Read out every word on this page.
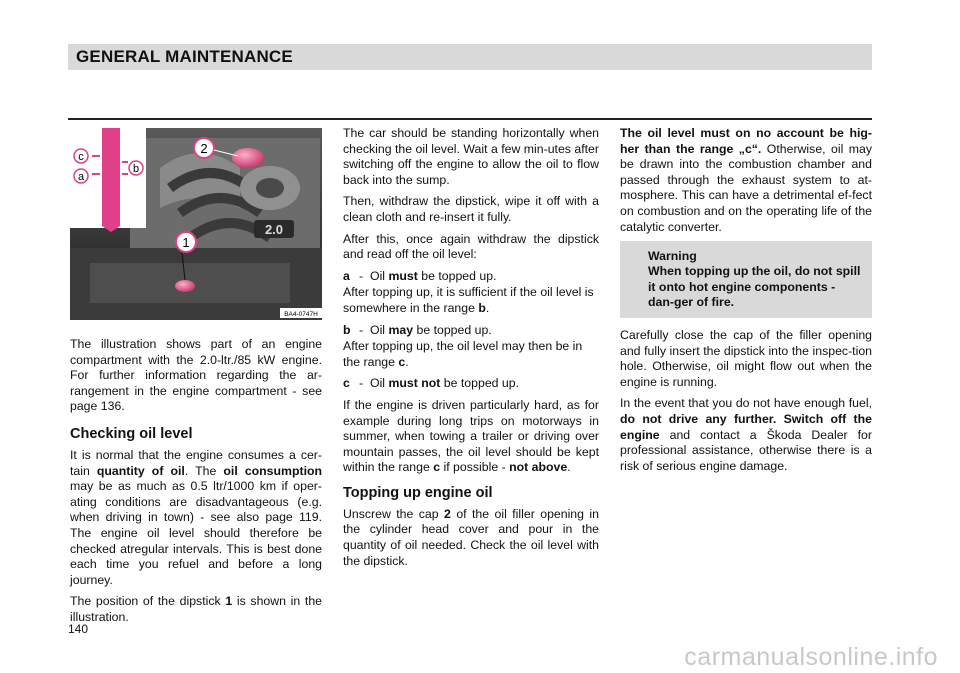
GENERAL MAINTENANCE
2.0
c
a
b
2
1
BA4-0747H

The illustration shows part of an engine compartment with the 2.0-ltr./85 kW engine. For further information regarding the ar-rangement in the engine compartment - see page 136.

Checking oil level

It is normal that the engine consumes a cer-tain quantity of oil. The oil consumption may be as much as 0.5 ltr/1000 km if oper-ating conditions are disadvantageous (e.g. when driving in town) - see also page 119. The engine oil level should therefore be checked atregular intervals. This is best done each time you refuel and before a long journey.

The position of the dipstick 1 is shown in the illustration.

The car should be standing horizontally when checking the oil level. Wait a few min-utes after switching off the engine to allow the oil to flow back into the sump.

Then, withdraw the dipstick, wipe it off with a clean cloth and re-insert it fully.

After this, once again withdraw the dipstick and read off the oil level:

a - Oil must be topped up.

After topping up, it is sufficient if the oil level is somewhere in the range b.

b - Oil may be topped up.

After topping up, the oil level may then be in the range c.

c - Oil must not be topped up.

If the engine is driven particularly hard, as for example during long trips on motorways in summer, when towing a trailer or driving over mountain passes, the oil level should be kept within the range c if possible - not above.

Topping up engine oil

Unscrew the cap 2 of the oil filler opening in the cylinder head cover and pour in the quantity of oil needed. Check the oil level with the dipstick.

The oil level must on no account be hig-her than the range „c“. Otherwise, oil may be drawn into the combustion chamber and passed through the exhaust system to at-mosphere. This can have a detrimental ef-fect on combustion and on the operating life of the catalytic converter.

Warning
When topping up the oil, do not spill it onto hot engine components - dan-ger of fire.

Carefully close the cap of the filler opening and fully insert the dipstick into the inspec-tion hole. Otherwise, oil might flow out when the engine is running.

In the event that you do not have enough fuel, do not drive any further. Switch off the engine and contact a Škoda Dealer for professional assistance, otherwise there is a risk of serious engine damage.

140
carmanualsonline.info
